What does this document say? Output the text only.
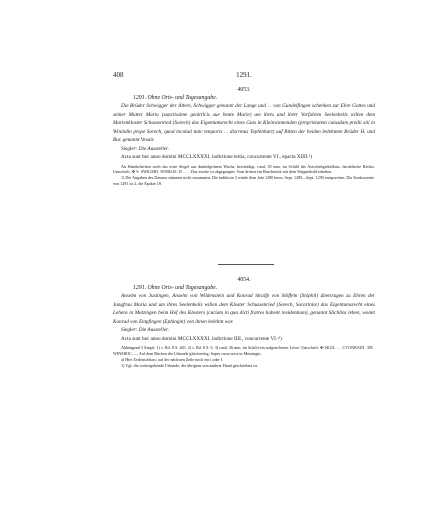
408	1291.
4053.
1291. Ohne Orts- und Tagesangabe.

Die Brüder Schwigger der Ältere, Schwigger genannt der Lange und . . von Gundelfingen schenken zur Ehre Gottes und seiner Mutter Maria (sanctissime genitricis sue beate Marie) um ihres und ihrer Vorfahren Seelenheils willen dem Marienkloster Schussenried (Sorech) das Eigentumsrecht eines Guts in Kleinwinnenden (proprietatem cuiusdam predii siti in Winindin prope Sorech, quod incoluit tunc temporis . . discretus Tephinhart) auf Bitten der beiden belehnten Brüder H. und Bur. genannt Vesair.

Siegler: Die Aussteller.

Acta sunt hec anno domini MCCLXXXXI, indictione tertia, concurrente VI., epacta XIIII.¹)

An Handschriften noch das erste Siegel aus dunkelgrünem Wachs, beschädigt, rund, 50 mm, im Schild der Astscheitgiebelkurs, heraldische Rechts. Umschrift: ✠ S· SWIGERI· NOBILIS· D . . . . Das zweite ist abgegangen. Vom dritten ein Bruchstück mit dem Wappenbild erhalten.

1) Die Angaben des Datums stimmen nicht zusammen. Die indiktion 3 würde dem Jahr 1290 bezw. Sept. 1289—Sept. 1290 entsprechen. Die Konkurrente von 1291 ist 2, die Epakte 18.

4054.
1291. Ohne Orts- und Tagesangabe.

Anselm von Justingen, Anselm von Wildenstein und Konrad Straifp von Stöffeln (Stöphil) übertragen zu Ehren der Jungfrau Maria und um ihres Seelenheils willen dem Kloster Schussenried (Sorech, Sorarinite) das Eigentumsrecht eines Lehens in Metzingen beim Hof des Klosters (curiam in qua dicti fratres habent residentiam), genannt Slichlins lehen, womit Konrad von Empfingen (Ephingin) von ihnen belehnt war.

Siegler: Die Aussteller.

Acta sunt hec anno domini MCCLXXXXI, indictione IIII., concurrente VI.ᵃ¹)

Abhängend 3 Siegel: 1) s. Bd. 8 S. 265. 2) s. Bd. 8 S. 6. 3) rund, 36 mm, im Schild ein aufgerichteter Löwe; Umschrift: ✠ SIGIL . . . CVONRADI . DE . WINSROC. — Auf dem Rücken der Urkunde gleichzeitig: Super curia nova in Metzingin.

a) Hier Zeilenschluss; auf der nächsten Zeile noch ein i oder I.

1) Vgl. die vorhergehende Urkunde, die übrigens von anderer Hand geschrieben ist.
